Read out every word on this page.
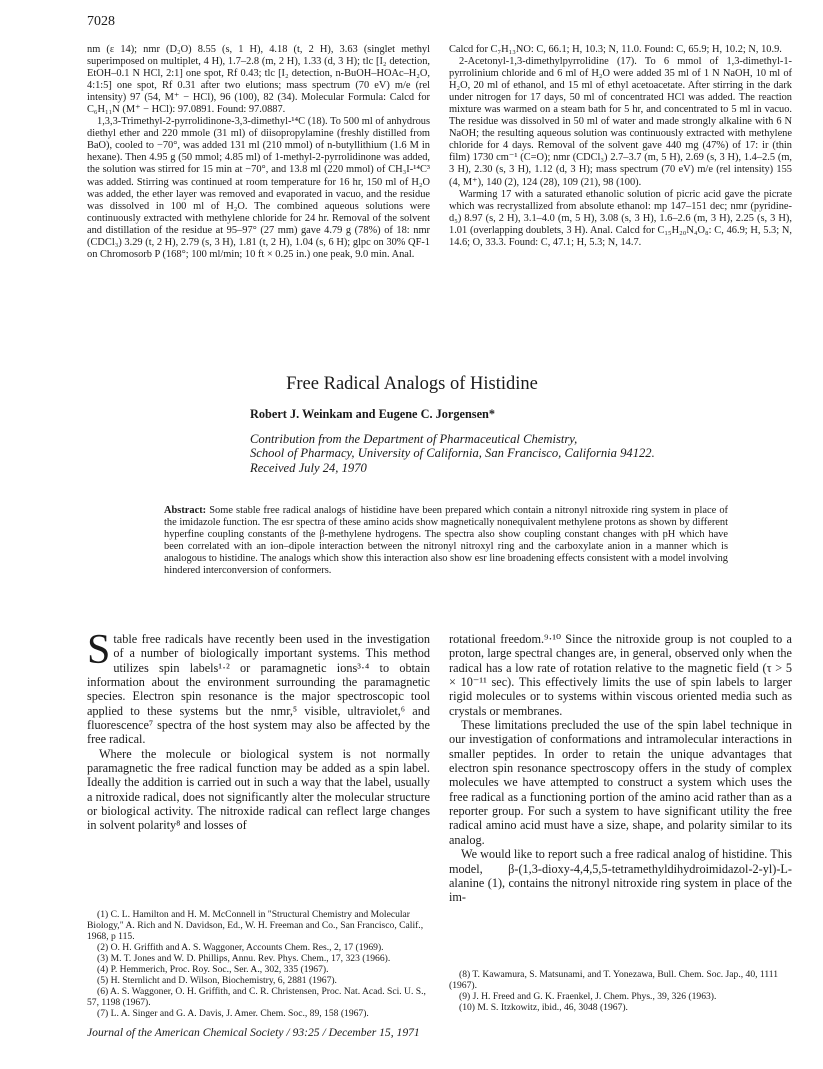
7028

nm (ε 14); nmr (D₂O) 8.55 (s, 1 H), 4.18 (t, 2 H), 3.63 (singlet methyl superimposed on multiplet, 4 H), 1.7–2.8 (m, 2 H), 1.33 (d, 3 H); tlc [I₂ detection, EtOH–0.1 N HCl, 2:1] one spot, Rf 0.43; tlc [I₂ detection, n-BuOH–HOAc–H₂O, 4:1:5] one spot, Rf 0.31 after two elutions; mass spectrum (70 eV) m/e (rel intensity) 97 (54, M⁺ − HCl), 96 (100), 82 (34). Molecular Formula: Calcd for C₆H₁₁N (M⁺ − HCl): 97.0891. Found: 97.0887.

1,3,3-Trimethyl-2-pyrrolidinone-3,3-dimethyl-¹⁴C (18). To 500 ml of anhydrous diethyl ether and 220 mmole (31 ml) of diisopropylamine (freshly distilled from BaO), cooled to −70°, was added 131 ml (210 mmol) of n-butyllithium (1.6 M in hexane). Then 4.95 g (50 mmol; 4.85 ml) of 1-methyl-2-pyrrolidinone was added, the solution was stirred for 15 min at −70°, and 13.8 ml (220 mmol) of CH₃I-¹⁴C³ was added. Stirring was continued at room temperature for 16 hr, 150 ml of H₂O was added, the ether layer was removed and evaporated in vacuo, and the residue was dissolved in 100 ml of H₂O. The combined aqueous solutions were continuously extracted with methylene chloride for 24 hr. Removal of the solvent and distillation of the residue at 95–97° (27 mm) gave 4.79 g (78%) of 18: nmr (CDCl₃) 3.29 (t, 2 H), 2.79 (s, 3 H), 1.81 (t, 2 H), 1.04 (s, 6 H); glpc on 30% QF-1 on Chromosorb P (168°; 100 ml/min; 10 ft × 0.25 in.) one peak, 9.0 min. Anal.

Calcd for C₇H₁₃NO: C, 66.1; H, 10.3; N, 11.0. Found: C, 65.9; H, 10.2; N, 10.9.

2-Acetonyl-1,3-dimethylpyrrolidine (17). To 6 mmol of 1,3-dimethyl-1-pyrrolinium chloride and 6 ml of H₂O were added 35 ml of 1 N NaOH, 10 ml of H₂O, 20 ml of ethanol, and 15 ml of ethyl acetoacetate. After stirring in the dark under nitrogen for 17 days, 50 ml of concentrated HCl was added. The reaction mixture was warmed on a steam bath for 5 hr, and concentrated to 5 ml in vacuo. The residue was dissolved in 50 ml of water and made strongly alkaline with 6 N NaOH; the resulting aqueous solution was continuously extracted with methylene chloride for 4 days. Removal of the solvent gave 440 mg (47%) of 17: ir (thin film) 1730 cm⁻¹ (C=O); nmr (CDCl₃) 2.7–3.7 (m, 5 H), 2.69 (s, 3 H), 1.4–2.5 (m, 3 H), 2.30 (s, 3 H), 1.12 (d, 3 H); mass spectrum (70 eV) m/e (rel intensity) 155 (4, M⁺), 140 (2), 124 (28), 109 (21), 98 (100).

Warming 17 with a saturated ethanolic solution of picric acid gave the picrate which was recrystallized from absolute ethanol: mp 147–151 dec; nmr (pyridine-d₅) 8.97 (s, 2 H), 3.1–4.0 (m, 5 H), 3.08 (s, 3 H), 1.6–2.6 (m, 3 H), 2.25 (s, 3 H), 1.01 (overlapping doublets, 3 H). Anal. Calcd for C₁₅H₂₀N₄O₈: C, 46.9; H, 5.3; N, 14.6; O, 33.3. Found: C, 47.1; H, 5.3; N, 14.7.

Free Radical Analogs of Histidine
Robert J. Weinkam and Eugene C. Jorgensen*
Contribution from the Department of Pharmaceutical Chemistry,
School of Pharmacy, University of California, San Francisco, California 94122.
Received July 24, 1970
Abstract: Some stable free radical analogs of histidine have been prepared which contain a nitronyl nitroxide ring system in place of the imidazole function. The esr spectra of these amino acids show magnetically nonequivalent methylene protons as shown by different hyperfine coupling constants of the β-methylene hydrogens. The spectra also show coupling constant changes with pH which have been correlated with an ion–dipole interaction between the nitronyl nitroxyl ring and the carboxylate anion in a manner which is analogous to histidine. The analogs which show this interaction also show esr line broadening effects consistent with a model involving hindered interconversion of conformers.

Stable free radicals have recently been used in the investigation of a number of biologically important systems. This method utilizes spin labels¹·² or paramagnetic ions³·⁴ to obtain information about the environment surrounding the paramagnetic species. Electron spin resonance is the major spectroscopic tool applied to these systems but the nmr,⁵ visible, ultraviolet,⁶ and fluorescence⁷ spectra of the host system may also be affected by the free radical.

Where the molecule or biological system is not normally paramagnetic the free radical function may be added as a spin label. Ideally the addition is carried out in such a way that the label, usually a nitroxide radical, does not significantly alter the molecular structure or biological activity. The nitroxide radical can reflect large changes in solvent polarity⁸ and losses of

rotational freedom.⁹·¹⁰ Since the nitroxide group is not coupled to a proton, large spectral changes are, in general, observed only when the radical has a low rate of rotation relative to the magnetic field (τ > 5 × 10⁻¹¹ sec). This effectively limits the use of spin labels to larger rigid molecules or to systems within viscous oriented media such as crystals or membranes.

These limitations precluded the use of the spin label technique in our investigation of conformations and intramolecular interactions in smaller peptides. In order to retain the unique advantages that electron spin resonance spectroscopy offers in the study of complex molecules we have attempted to construct a system which uses the free radical as a functioning portion of the amino acid rather than as a reporter group. For such a system to have significant utility the free radical amino acid must have a size, shape, and polarity similar to its analog.

We would like to report such a free radical analog of histidine. This model, β-(1,3-dioxy-4,4,5,5-tetramethyldihydroimidazol-2-yl)-L-alanine (1), contains the nitronyl nitroxide ring system in place of the im-

(1) C. L. Hamilton and H. M. McConnell in "Structural Chemistry and Molecular Biology," A. Rich and N. Davidson, Ed., W. H. Freeman and Co., San Francisco, Calif., 1968, p 115.
(2) O. H. Griffith and A. S. Waggoner, Accounts Chem. Res., 2, 17 (1969).
(3) M. T. Jones and W. D. Phillips, Annu. Rev. Phys. Chem., 17, 323 (1966).
(4) P. Hemmerich, Proc. Roy. Soc., Ser. A., 302, 335 (1967).
(5) H. Sternlicht and D. Wilson, Biochemistry, 6, 2881 (1967).
(6) A. S. Waggoner, O. H. Griffith, and C. R. Christensen, Proc. Nat. Acad. Sci. U. S., 57, 1198 (1967).
(7) L. A. Singer and G. A. Davis, J. Amer. Chem. Soc., 89, 158 (1967).
(8) T. Kawamura, S. Matsunami, and T. Yonezawa, Bull. Chem. Soc. Jap., 40, 1111 (1967).
(9) J. H. Freed and G. K. Fraenkel, J. Chem. Phys., 39, 326 (1963).
(10) M. S. Itzkowitz, ibid., 46, 3048 (1967).
Journal of the American Chemical Society / 93:25 / December 15, 1971
